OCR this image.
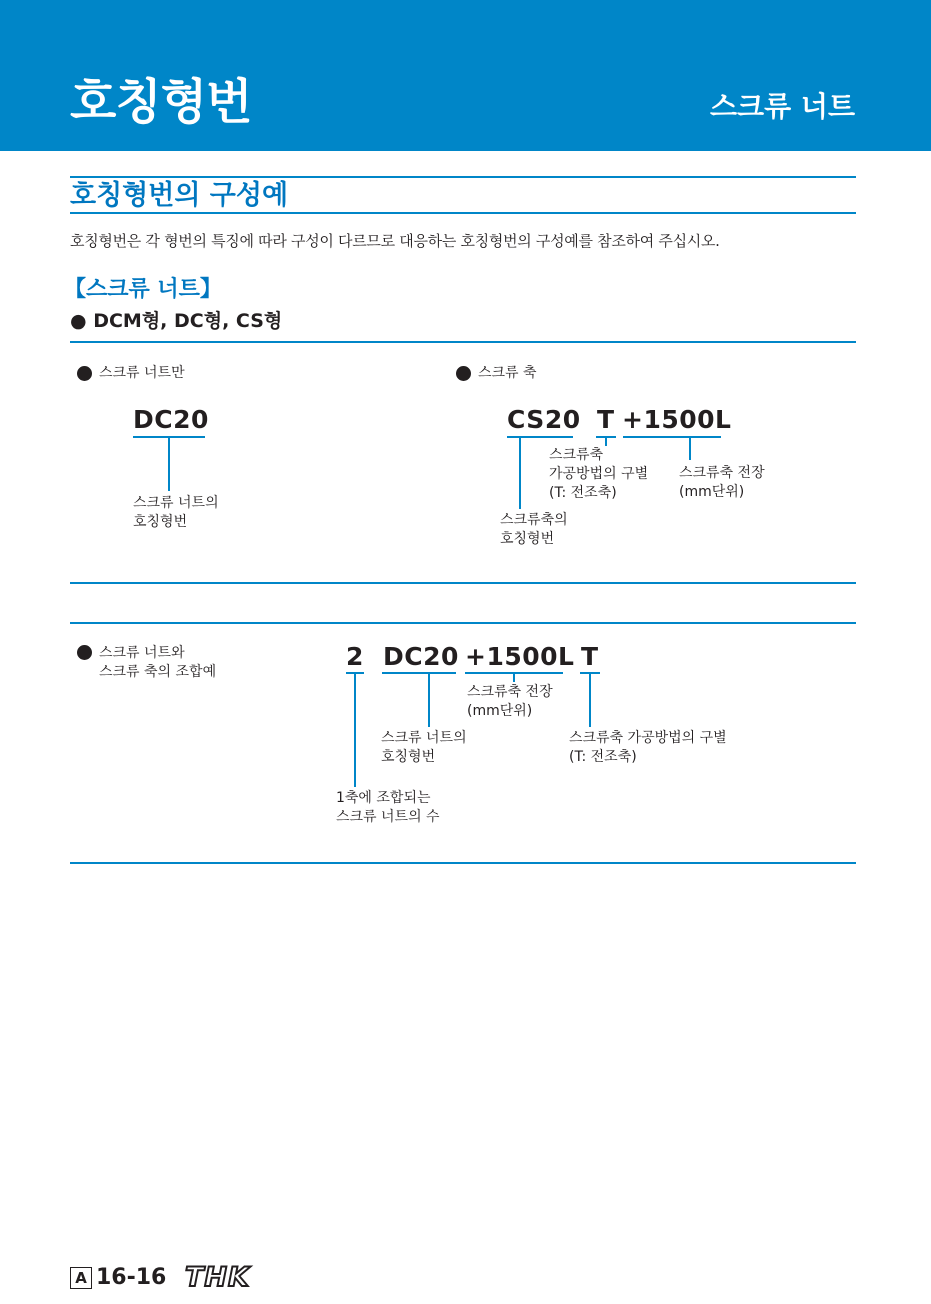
호칭형번	스크류 너트
호칭형번의 구성예
호칭형번은 각 형번의 특징에 따라 구성이 다르므로 대응하는 호칭형번의 구성예를 참조하여 주십시오.
【스크류 너트】
● DCM형, DC형, CS형
스크류 너트만
DC20
스크류 너트의
호칭형번
스크류 축
CS20 T +1500L
스크류축
가공방법의 구별
(T: 전조축)
스크류축 전장
(mm단위)
스크류축의
호칭형번
스크류 너트와
스크류 축의 조합예
2 DC20 +1500L T
스크류축 전장
(mm단위)
스크류 너트의
호칭형번
스크류축 가공방법의 구별
(T: 전조축)
1축에 조합되는
스크류 너트의 수
A 16-16 THK
